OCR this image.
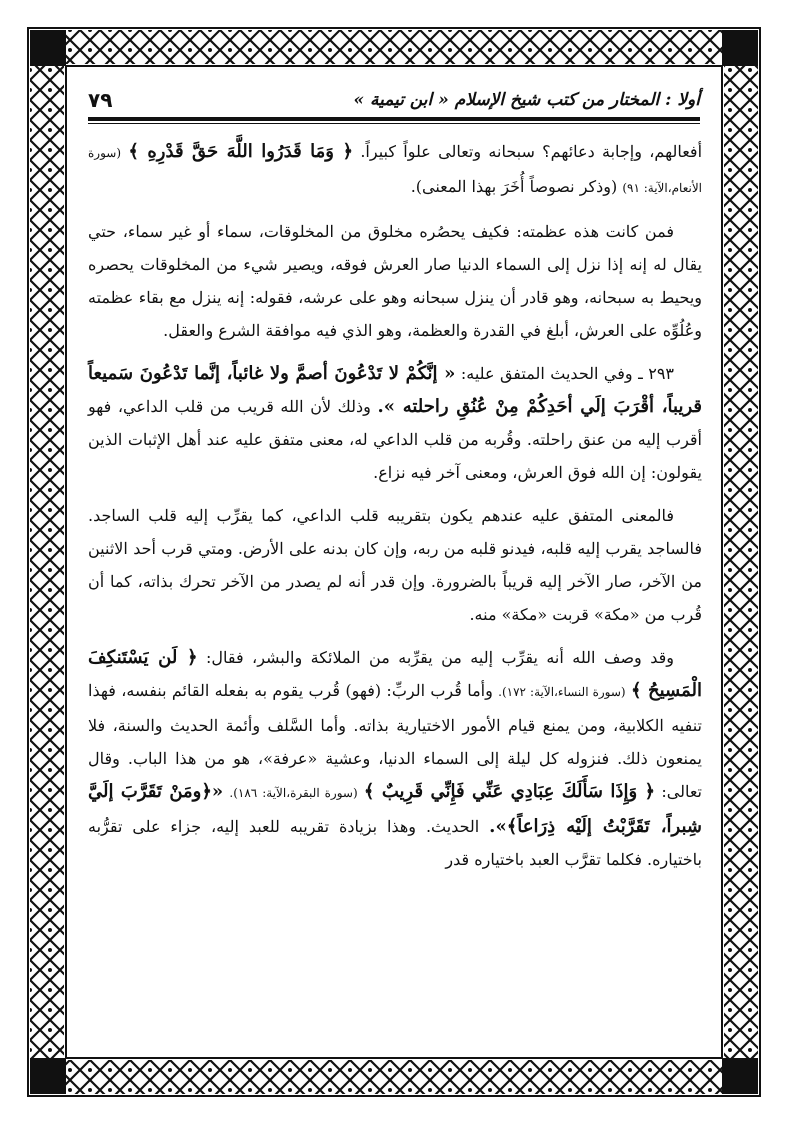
أولا : المختار من كتب شيخ الإسلام « ابن تيمية »
٧٩

أفعالهم، وإجابة دعائهم؟ سبحانه وتعالى علواً كبيراً. ﴿ وَمَا قَدَرُوا اللَّهَ حَقَّ قَدْرِهِ ﴾ (سورة الأنعام،الآية: ٩١) (وذكر نصوصاً أُخَرَ بهذا المعنى).

فمن كانت هذه عظمته: فكيف يحصُره مخلوق من المخلوقات، سماء أو غير سماء، حتي يقال له إنه إذا نزل إلى السماء الدنيا صار العرش فوقه، ويصير شيء من المخلوقات يحصره ويحيط به سبحانه، وهو قادر أن ينزل سبحانه وهو على عرشه، فقوله: إنه ينزل مع بقاء عظمته وعُلُوِّه على العرش، أبلغ في القدرة والعظمة، وهو الذي فيه موافقة الشرع والعقل.

٢٩٣ ـ وفي الحديث المتفق عليه: « إنَّكُمْ لا تَدْعُونَ أصمَّ ولا غائباً، إنَّما تَدْعُونَ سَميعاً قريباً، أقْرَبَ إلَي أحَدِكُمْ مِنْ عُنُقِ راحلته ». وذلك لأن الله قريب من قلب الداعي، فهو أقرب إليه من عنق راحلته. وقُربه من قلب الداعي له، معنى متفق عليه عند أهل الإثبات الذين يقولون: إن الله فوق العرش، ومعنى آخر فيه نزاع.

فالمعنى المتفق عليه عندهم يكون بتقريبه قلب الداعي، كما يقرِّب إليه قلب الساجد. فالساجد يقرب إليه قلبه، فيدنو قلبه من ربه، وإن كان بدنه على الأرض. ومتي قرب أحد الاثنين من الآخر، صار الآخر إليه قريباً بالضرورة. وإن قدر أنه لم يصدر من الآخر تحرك بذاته، كما أن قُرب من «مكة» قربت «مكة» منه.

وقد وصف الله أنه يقرِّب إليه من يقرِّبه من الملائكة والبشر، فقال: ﴿ لَن يَسْتَنكِفَ الْمَسِيحُ ﴾ (سورة النساء،الآية: ١٧٢). وأما قُرب الربِّ: (فهو) قُرب يقوم به بفعله القائم بنفسه، فهذا تنفيه الكلابية، ومن يمنع قيام الأمور الاختيارية بذاته. وأما السَّلف وأئمة الحديث والسنة، فلا يمنعون ذلك. فنزوله كل ليلة إلى السماء الدنيا، وعشية «عرفة»، هو من هذا الباب. وقال تعالى: ﴿ وَإِذَا سَأَلَكَ عِبَادِي عَنِّي فَإِنِّي قَرِيبٌ ﴾ (سورة البقرة،الآية: ١٨٦). «﴿ومَنْ تَقَرَّبَ إلَيَّ شِبراً، تَقَرَّبْتُ إلَيْه ذِرَاعاً﴾». الحديث. وهذا بزيادة تقريبه للعبد إليه، جزاء على تقرُّبه باختياره. فكلما تقرَّب العبد باختياره قدر
